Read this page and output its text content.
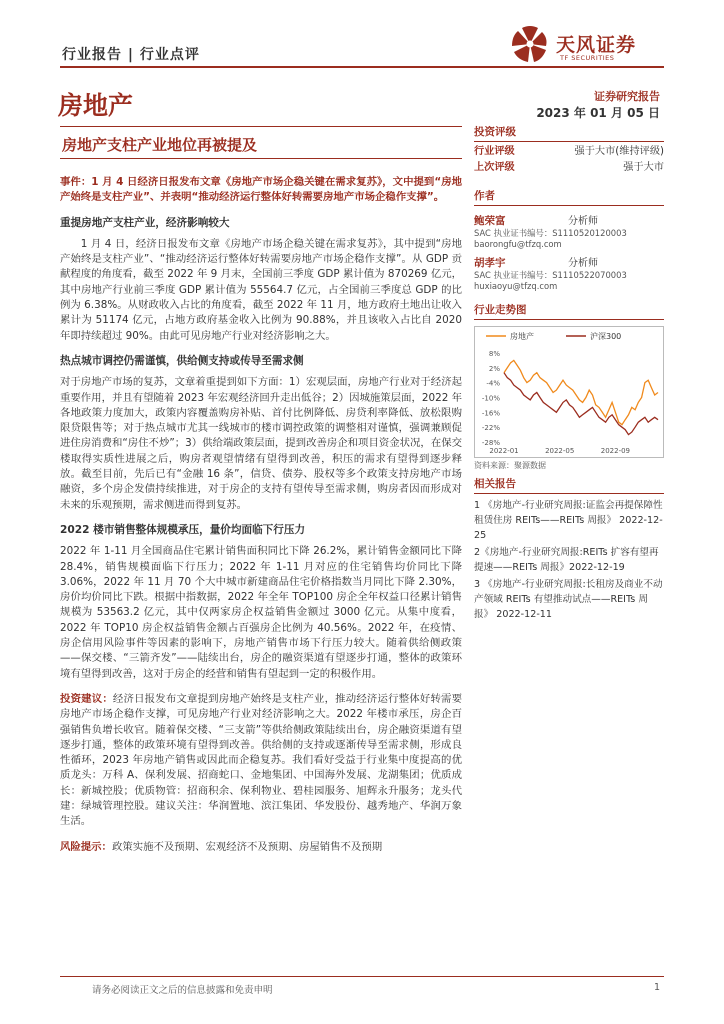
行业报告 | 行业点评	天风证券
TF SECURITIES
房地产	证券研究报告
2023 年 01 月 05 日
房地产支柱产业地位再被提及

事件：1 月 4 日经济日报发布文章《房地产市场企稳关键在需求复苏》，文中提到“房地产始终是支柱产业”、并表明“推动经济运行整体好转需要房地产市场企稳作支撑”。

重提房地产支柱产业，经济影响较大

1 月 4 日，经济日报发布文章《房地产市场企稳关键在需求复苏》，其中提到“房地产始终是支柱产业”、“推动经济运行整体好转需要房地产市场企稳作支撑”。从 GDP 贡献程度的角度看，截至 2022 年 9 月末，全国前三季度 GDP 累计值为 870269 亿元，其中房地产行业前三季度 GDP 累计值为 55564.7 亿元，占全国前三季度总 GDP 的比例为 6.38%。从财政收入占比的角度看，截至 2022 年 11 月，地方政府土地出让收入累计为 51174 亿元，占地方政府基金收入比例为 90.88%，并且该收入占比自 2020 年即持续超过 90%。由此可见房地产行业对经济影响之大。

热点城市调控仍需谨慎，供给侧支持或传导至需求侧

对于房地产市场的复苏，文章着重提到如下方面：1）宏观层面，房地产行业对于经济起重要作用，并且有望随着 2023 年宏观经济回升走出低谷；2）因城施策层面，2022 年各地政策力度加大，政策内容覆盖购房补贴、首付比例降低、房贷利率降低、放松限购限贷限售等；对于热点城市尤其一线城市的楼市调控政策的调整相对谨慎，强调兼顾促进住房消费和“房住不炒”；3）供给端政策层面，提到改善房企和项目资金状况，在保交楼取得实质性进展之后，购房者观望情绪有望得到改善，积压的需求有望得到逐步释放。截至目前，先后已有“金融 16 条”，信贷、债券、股权等多个政策支持房地产市场融资，多个房企发债持续推进，对于房企的支持有望传导至需求侧，购房者因而形成对未来的乐观预期，需求侧进而得到复苏。

2022 楼市销售整体规模承压，量价均面临下行压力

2022 年 1-11 月全国商品住宅累计销售面积同比下降 26.2%，累计销售金额同比下降 28.4%，销售规模面临下行压力；2022 年 1-11 月对应的住宅销售均价同比下降 3.06%，2022 年 11 月 70 个大中城市新建商品住宅价格指数当月同比下降 2.30%，房价均价同比下跌。根据中指数据，2022 年全年 TOP100 房企全年权益口径累计销售规模为 53563.2 亿元，其中仅两家房企权益销售金额过 3000 亿元。从集中度看，2022 年 TOP10 房企权益销售金额占百强房企比例为 40.56%。2022 年，在疫情、房企信用风险事件等因素的影响下，房地产销售市场下行压力较大。随着供给侧政策——保交楼、“三箭齐发”——陆续出台，房企的融资渠道有望逐步打通，整体的政策环境有望得到改善，这对于房企的经营和销售有望起到一定的积极作用。

投资建议：经济日报发布文章提到房地产始终是支柱产业，推动经济运行整体好转需要房地产市场企稳作支撑，可见房地产行业对经济影响之大。2022 年楼市承压，房企百强销售负增长收官。随着保交楼、“三支箭”等供给侧政策陆续出台，房企融资渠道有望逐步打通，整体的政策环境有望得到改善。供给侧的支持或逐渐传导至需求侧，形成良性循环，2023 年房地产销售或因此而企稳复苏。我们看好受益于行业集中度提高的优质龙头：万科 A、保利发展、招商蛇口、金地集团、中国海外发展、龙湖集团；优质成长：新城控股；优质物管：招商积余、保利物业、碧桂园服务、旭辉永升服务；龙头代建：绿城管理控股。建议关注：华润置地、滨江集团、华发股份、越秀地产、华润万象生活。

风险提示：政策实施不及预期、宏观经济不及预期、房屋销售不及预期

投资评级
行业评级	强于大市(维持评级)
上次评级	强于大市
作者
鲍荣富	分析师
SAC 执业证书编号：S1110520120003
baorongfu@tfzq.com
胡孝宇	分析师
SAC 执业证书编号：S1110522070003
huxiaoyu@tfzq.com
行业走势图
房地产	沪深300
8%
2%
-4%
-10%
-16%
-22%
-28%
2022-01	2022-05	2022-09
资料来源：聚源数据
相关报告
1 《房地产-行业研究周报:证监会再提保障性租赁住房 REITs——REITs 周报》 2022-12-25
2《房地产-行业研究周报:REITs 扩容有望再提速——REITs 周报》2022-12-19
3 《房地产-行业研究周报:长租房及商业不动产领域 REITs 有望推动试点——REITs 周报》 2022-12-11
请务必阅读正文之后的信息披露和免责申明	1
